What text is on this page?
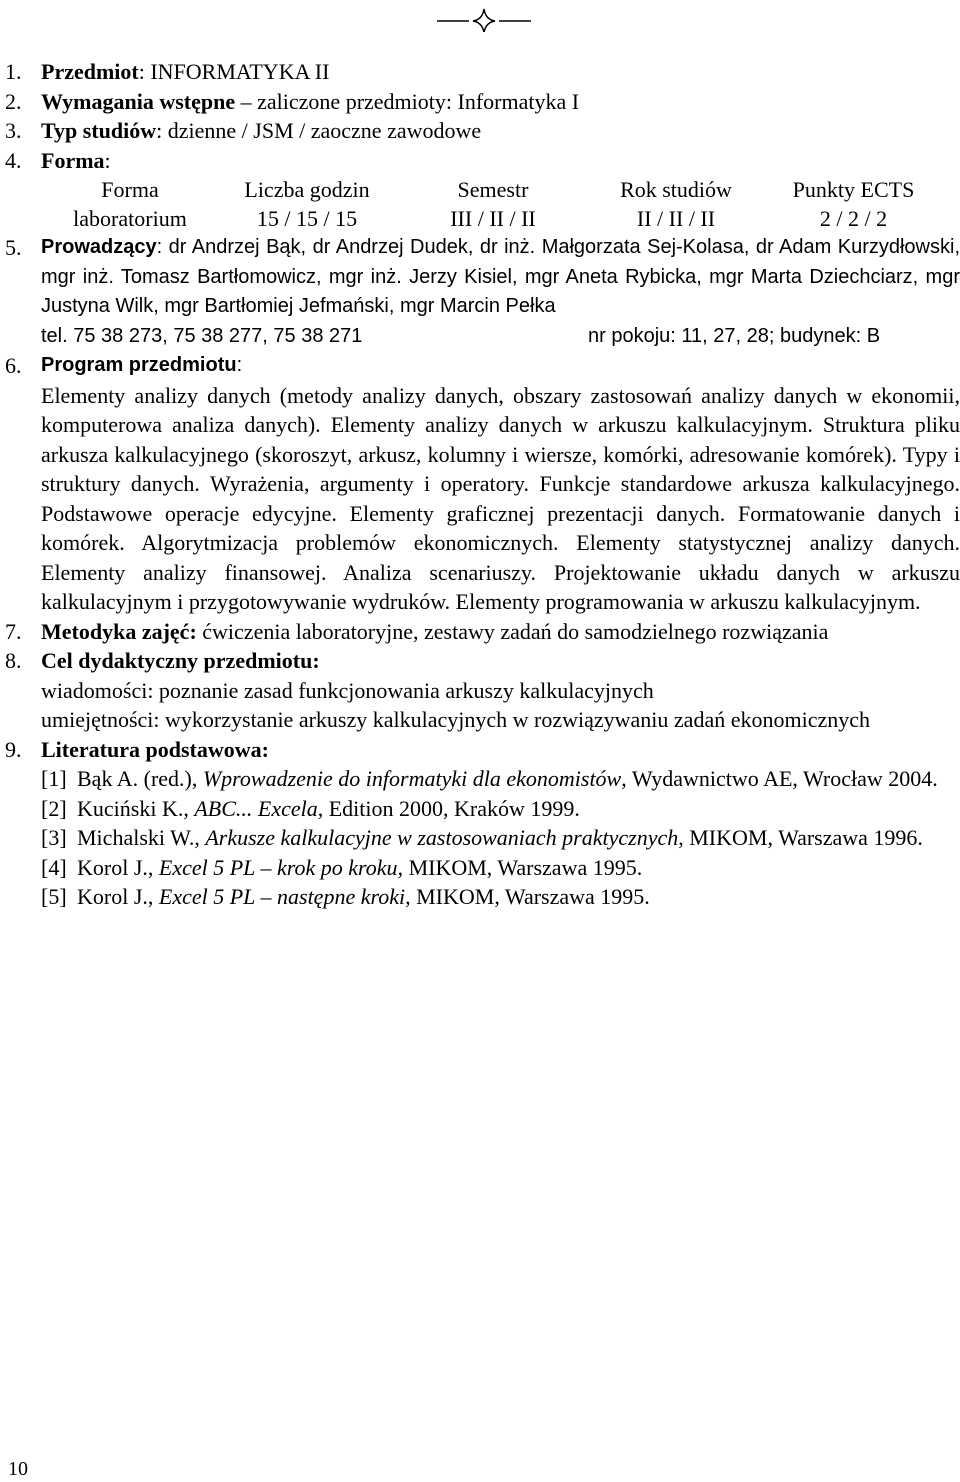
1. Przedmiot: INFORMATYKA II
2. Wymagania wstępne – zaliczone przedmioty: Informatyka I
3. Typ studiów: dzienne / JSM / zaoczne zawodowe
4. Forma:
Forma	Liczba godzin	Semestr	Rok studiów	Punkty ECTS
laboratorium	15 / 15 / 15	III / II / II	II / II / II	2 / 2 / 2
5. Prowadzący: dr Andrzej Bąk, dr Andrzej Dudek, dr inż. Małgorzata Sej-Kolasa, dr Adam Kurzydłowski, mgr inż. Tomasz Bartłomowicz, mgr inż. Jerzy Kisiel, mgr Aneta Rybicka, mgr Marta Dziechciarz, mgr Justyna Wilk, mgr Bartłomiej Jefmański, mgr Marcin Pełka

tel. 75 38 273, 75 38 277, 75 38 271	nr pokoju: 11, 27, 28; budynek: B
6. Program przedmiotu:

Elementy analizy danych (metody analizy danych, obszary zastosowań analizy danych w ekonomii, komputerowa analiza danych). Elementy analizy danych w arkuszu kalkulacyjnym. Struktura pliku arkusza kalkulacyjnego (skoroszyt, arkusz, kolumny i wiersze, komórki, adresowanie komórek). Typy i struktury danych. Wyrażenia, argumenty i operatory. Funkcje standardowe arkusza kalkulacyjnego. Podstawowe operacje edycyjne. Elementy graficznej prezentacji danych. Formatowanie danych i komórek. Algorytmizacja problemów ekonomicznych. Elementy statystycznej analizy danych. Elementy analizy finansowej. Analiza scenariuszy. Projektowanie układu danych w arkuszu kalkulacyjnym i przygotowywanie wydruków. Elementy programowania w arkuszu kalkulacyjnym.
7. Metodyka zajęć: ćwiczenia laboratoryjne, zestawy zadań do samodzielnego rozwiązania
8. Cel dydaktyczny przedmiotu:

wiadomości: poznanie zasad funkcjonowania arkuszy kalkulacyjnych

umiejętności: wykorzystanie arkuszy kalkulacyjnych w rozwiązywaniu zadań ekonomicznych

9. Literatura podstawowa:

[1] Bąk A. (red.), Wprowadzenie do informatyki dla ekonomistów, Wydawnictwo AE, Wrocław 2004.
[2] Kuciński K., ABC... Excela, Edition 2000, Kraków 1999.
[3] Michalski W., Arkusze kalkulacyjne w zastosowaniach praktycznych, MIKOM, Warszawa 1996.
[4] Korol J., Excel 5 PL – krok po kroku, MIKOM, Warszawa 1995.
[5] Korol J., Excel 5 PL – następne kroki, MIKOM, Warszawa 1995.
10
